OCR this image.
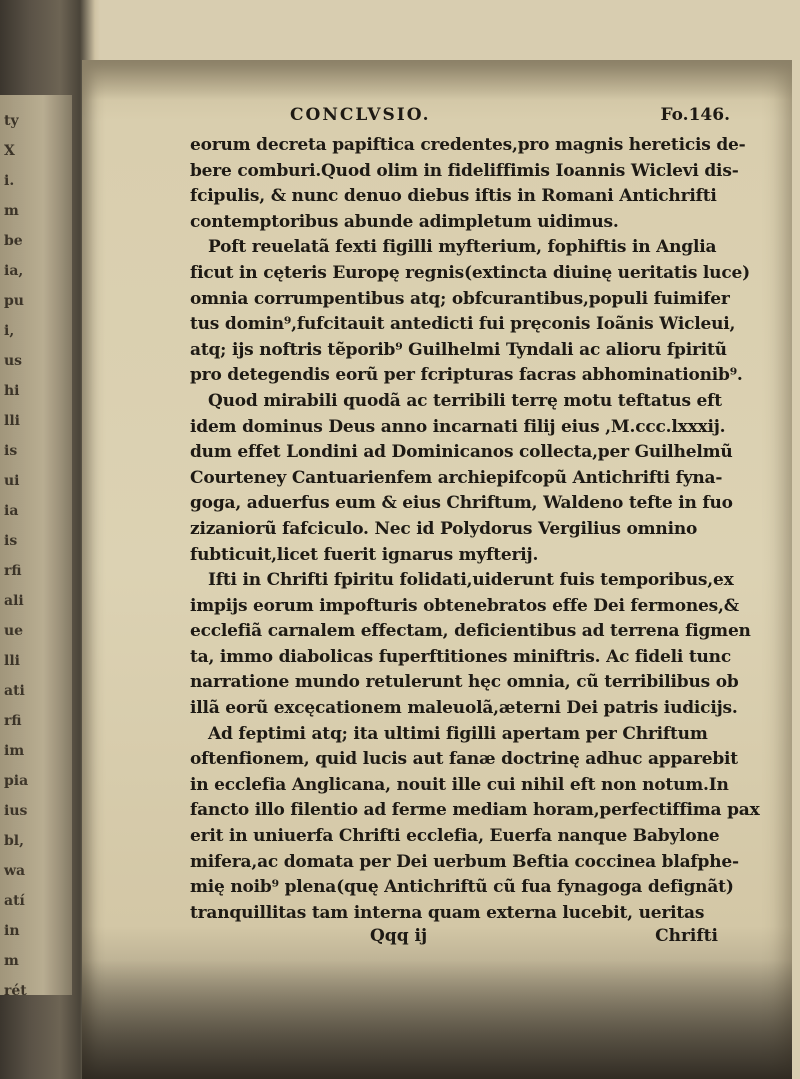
ty
X
i.
m
be
ia,
pu
i,
us
hi
lli
is
ui
ia
is
rfi
ali
ue
lli
ati
rfi
im
pia
ius
bl,
wa
atí
in
m
rét
CONCLVSIO.	Fo.146.
eorum decreta papiftica credentes,pro magnis hereticis de-
bere comburi.Quod olim in fideliffimis Ioannis Wiclevi dis-
fcipulis, & nunc denuo diebus iftis in Romani Antichrifti
contemptoribus abunde adimpletum uidimus.
Poft reuelatã fexti figilli myfterium, fophiftis in Anglia
ficut in cęteris Europę regnis(extincta diuinę ueritatis luce)
omnia corrumpentibus atq; obfcurantibus,populi fuimifer
tus domin⁹,fufcitauit antedicti fui pręconis Ioãnis Wicleui,
atq; ijs noftris tẽporib⁹ Guilhelmi Tyndali ac alioru fpiritũ
pro detegendis eorũ per fcripturas facras abhominationib⁹.
Quod mirabili quodã ac terribili terrę motu teftatus eft
idem dominus Deus anno incarnati filij eius ,M.ccc.lxxxij.
dum effet Londini ad Dominicanos collecta,per Guilhelmũ
Courteney Cantuarienfem archiepifcopũ Antichrifti fyna-
goga, aduerfus eum & eius Chriftum, Waldeno tefte in fuo
zizaniorũ fafciculo. Nec id Polydorus Vergilius omnino
fubticuit,licet fuerit ignarus myfterij.
Ifti in Chrifti fpiritu folidati,uiderunt fuis temporibus,ex
impijs eorum impofturis obtenebratos effe Dei fermones,&
ecclefiã carnalem effectam, deficientibus ad terrena figmen
ta, immo diabolicas fuperftitiones miniftris. Ac fideli tunc
narratione mundo retulerunt hęc omnia, cũ terribilibus ob
illã eorũ excęcationem maleuolã,æterni Dei patris iudicijs.
Ad feptimi atq; ita ultimi figilli apertam per Chriftum
oftenfionem, quid lucis aut fanæ doctrinę adhuc apparebit
in ecclefia Anglicana, nouit ille cui nihil eft non notum.In
fancto illo filentio ad ferme mediam horam,perfectiffima pax
erit in uniuerfa Chrifti ecclefia, Euerfa nanque Babylone
mifera,ac domata per Dei uerbum Beftia coccinea blafphe-
mię noib⁹ plena(quę Antichriftũ cũ fua fynagoga defignãt)
tranquillitas tam interna quam externa lucebit, ueritas
Qqq ij	Chrifti
